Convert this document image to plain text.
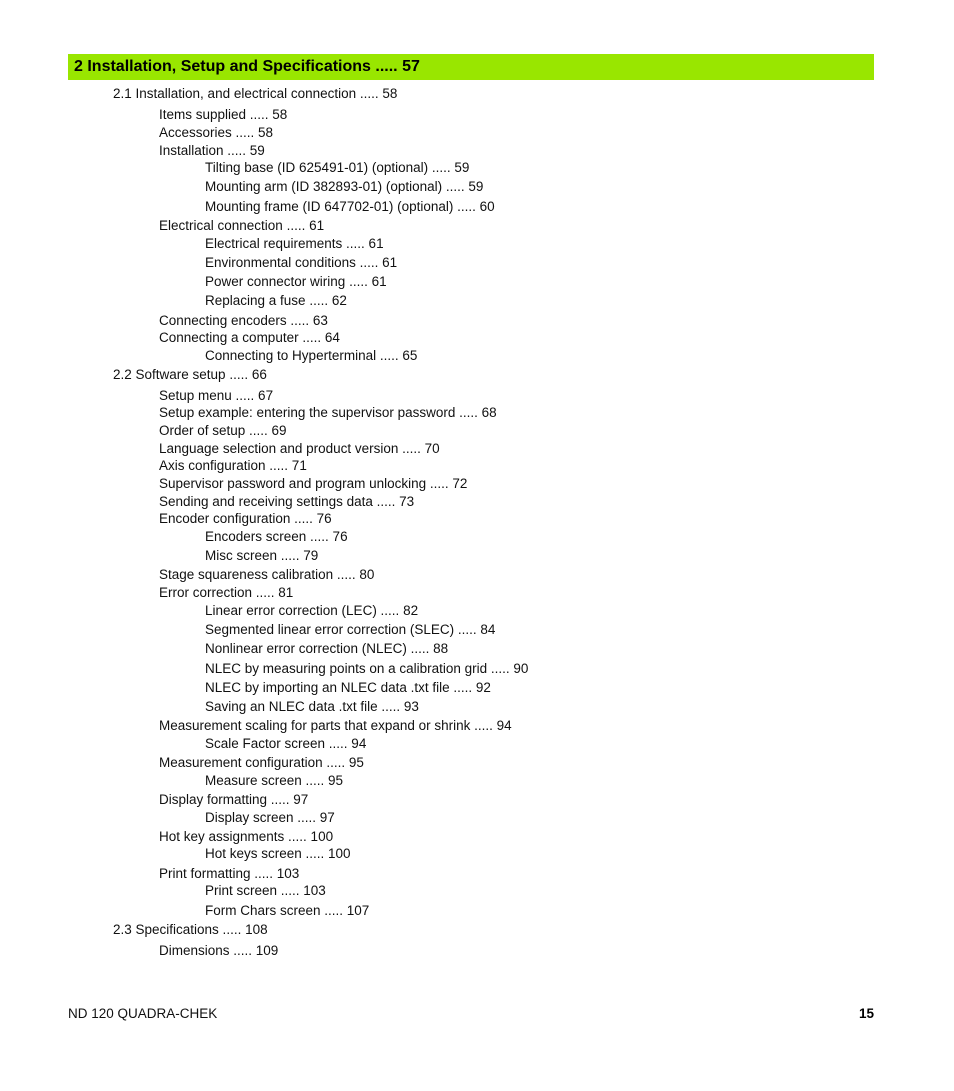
2 Installation, Setup and Specifications ..... 57
2.1 Installation, and electrical connection ..... 58
Items supplied ..... 58
Accessories ..... 58
Installation ..... 59
Tilting base (ID 625491-01) (optional) ..... 59
Mounting arm (ID 382893-01) (optional) ..... 59
Mounting frame (ID 647702-01) (optional) ..... 60
Electrical connection ..... 61
Electrical requirements ..... 61
Environmental conditions ..... 61
Power connector wiring ..... 61
Replacing a fuse ..... 62
Connecting encoders ..... 63
Connecting a computer ..... 64
Connecting to Hyperterminal ..... 65
2.2 Software setup ..... 66
Setup menu ..... 67
Setup example: entering the supervisor password ..... 68
Order of setup ..... 69
Language selection and product version ..... 70
Axis configuration ..... 71
Supervisor password and program unlocking ..... 72
Sending and receiving settings data ..... 73
Encoder configuration ..... 76
Encoders screen ..... 76
Misc screen ..... 79
Stage squareness calibration ..... 80
Error correction ..... 81
Linear error correction (LEC) ..... 82
Segmented linear error correction (SLEC) ..... 84
Nonlinear error correction (NLEC) ..... 88
NLEC by measuring points on a calibration grid ..... 90
NLEC by importing an NLEC data .txt file ..... 92
Saving an NLEC data .txt file ..... 93
Measurement scaling for parts that expand or shrink ..... 94
Scale Factor screen ..... 94
Measurement configuration ..... 95
Measure screen ..... 95
Display formatting ..... 97
Display screen ..... 97
Hot key assignments ..... 100
Hot keys screen ..... 100
Print formatting ..... 103
Print screen ..... 103
Form Chars screen ..... 107
2.3 Specifications ..... 108
Dimensions ..... 109
ND 120 QUADRA-CHEK	15
